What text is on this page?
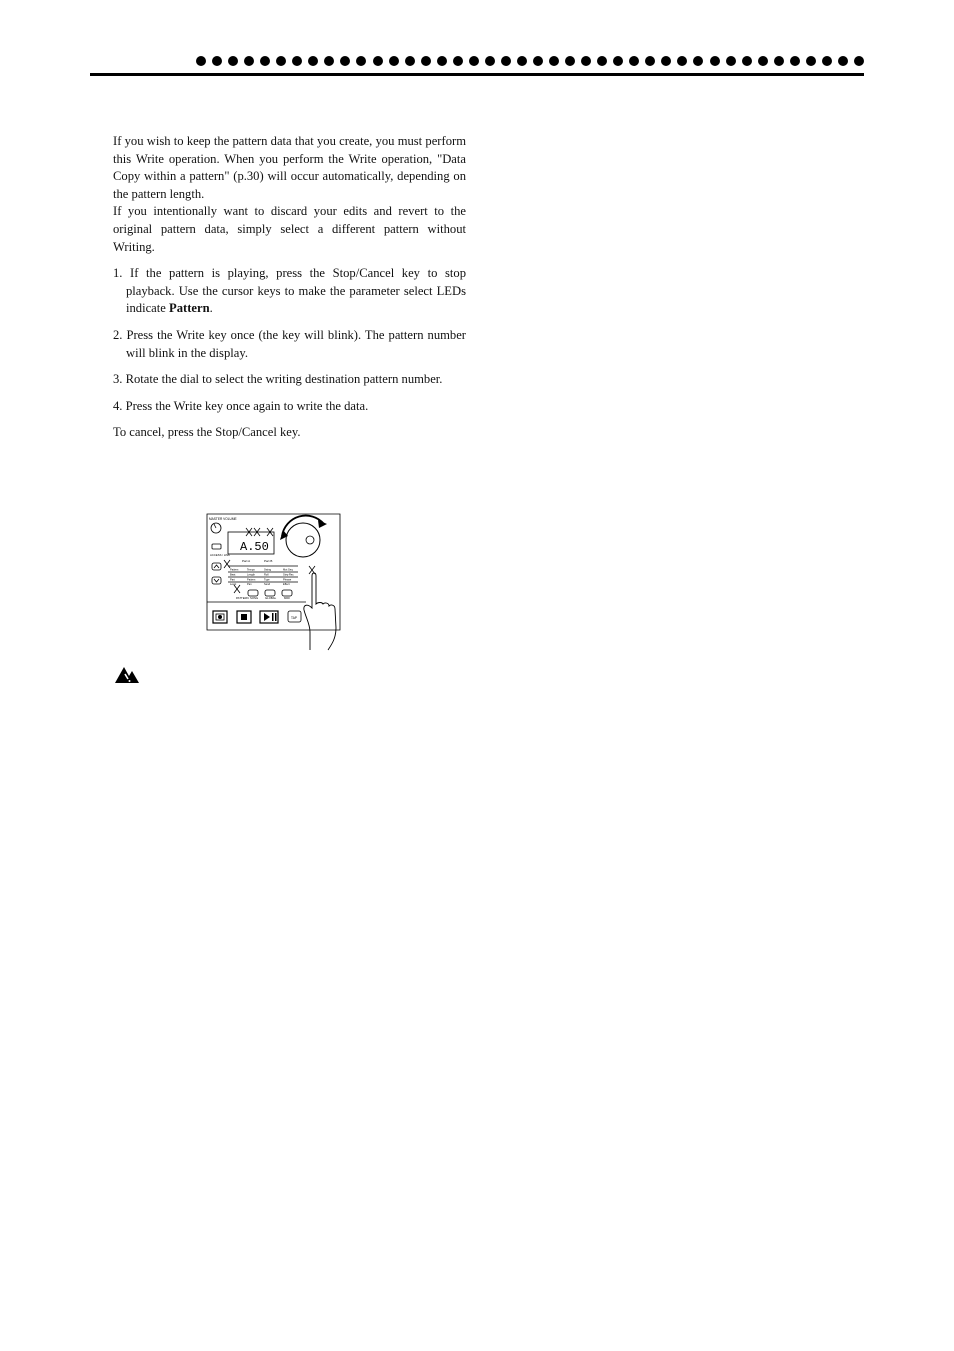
If you wish to keep the pattern data that you create, you must perform this Write operation. When you perform the Write operation, "Data Copy within a pattern" (p.30) will occur automatically, depending on the pattern length.

If you intentionally want to discard your edits and revert to the original pattern data, simply select a different pattern without Writing.

1. If the pattern is playing, press the Stop/Cancel key to stop playback. Use the cursor keys to make the parameter select LEDs indicate Pattern.
2. Press the Write key once (the key will blink). The pattern number will blink in the display.
3. Rotate the dial to select the writing destination pattern number.
4. Press the Write key once again to write the data.

To cancel, press the Stop/Cancel key.

MASTER VOLUME
ACCESS / LINK
A.50
Part A	Part B
PATTERN SONG GLOBAL	MIDI
TAP
Pattern	Tempo	Swing	Mot Seq
Beat	Length	Roll	Step Rec
Part	Pattern	Type	Phrase
Level	Pan	Send	Effect
